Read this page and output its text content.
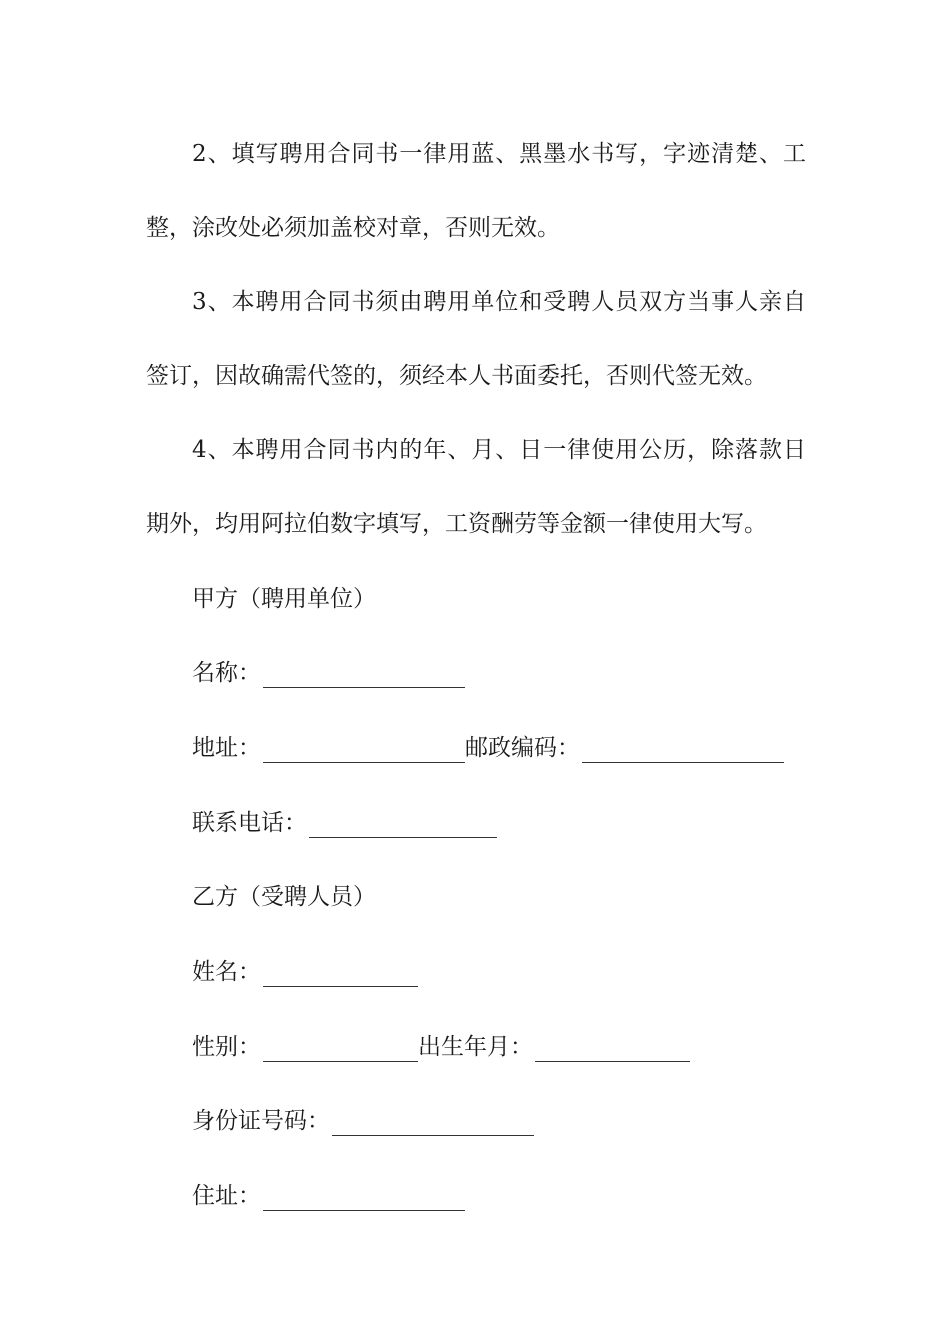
2、填写聘用合同书一律用蓝、黑墨水书写，字迹清楚、工
整，涂改处必须加盖校对章，否则无效。
3、本聘用合同书须由聘用单位和受聘人员双方当事人亲自
签订，因故确需代签的，须经本人书面委托，否则代签无效。
4、本聘用合同书内的年、月、日一律使用公历，除落款日
期外，均用阿拉伯数字填写，工资酬劳等金额一律使用大写。
甲方（聘用单位）
名称：
地址：	邮政编码：
联系电话：
乙方（受聘人员）
姓名：
性别：	出生年月：
身份证号码：
住址：
